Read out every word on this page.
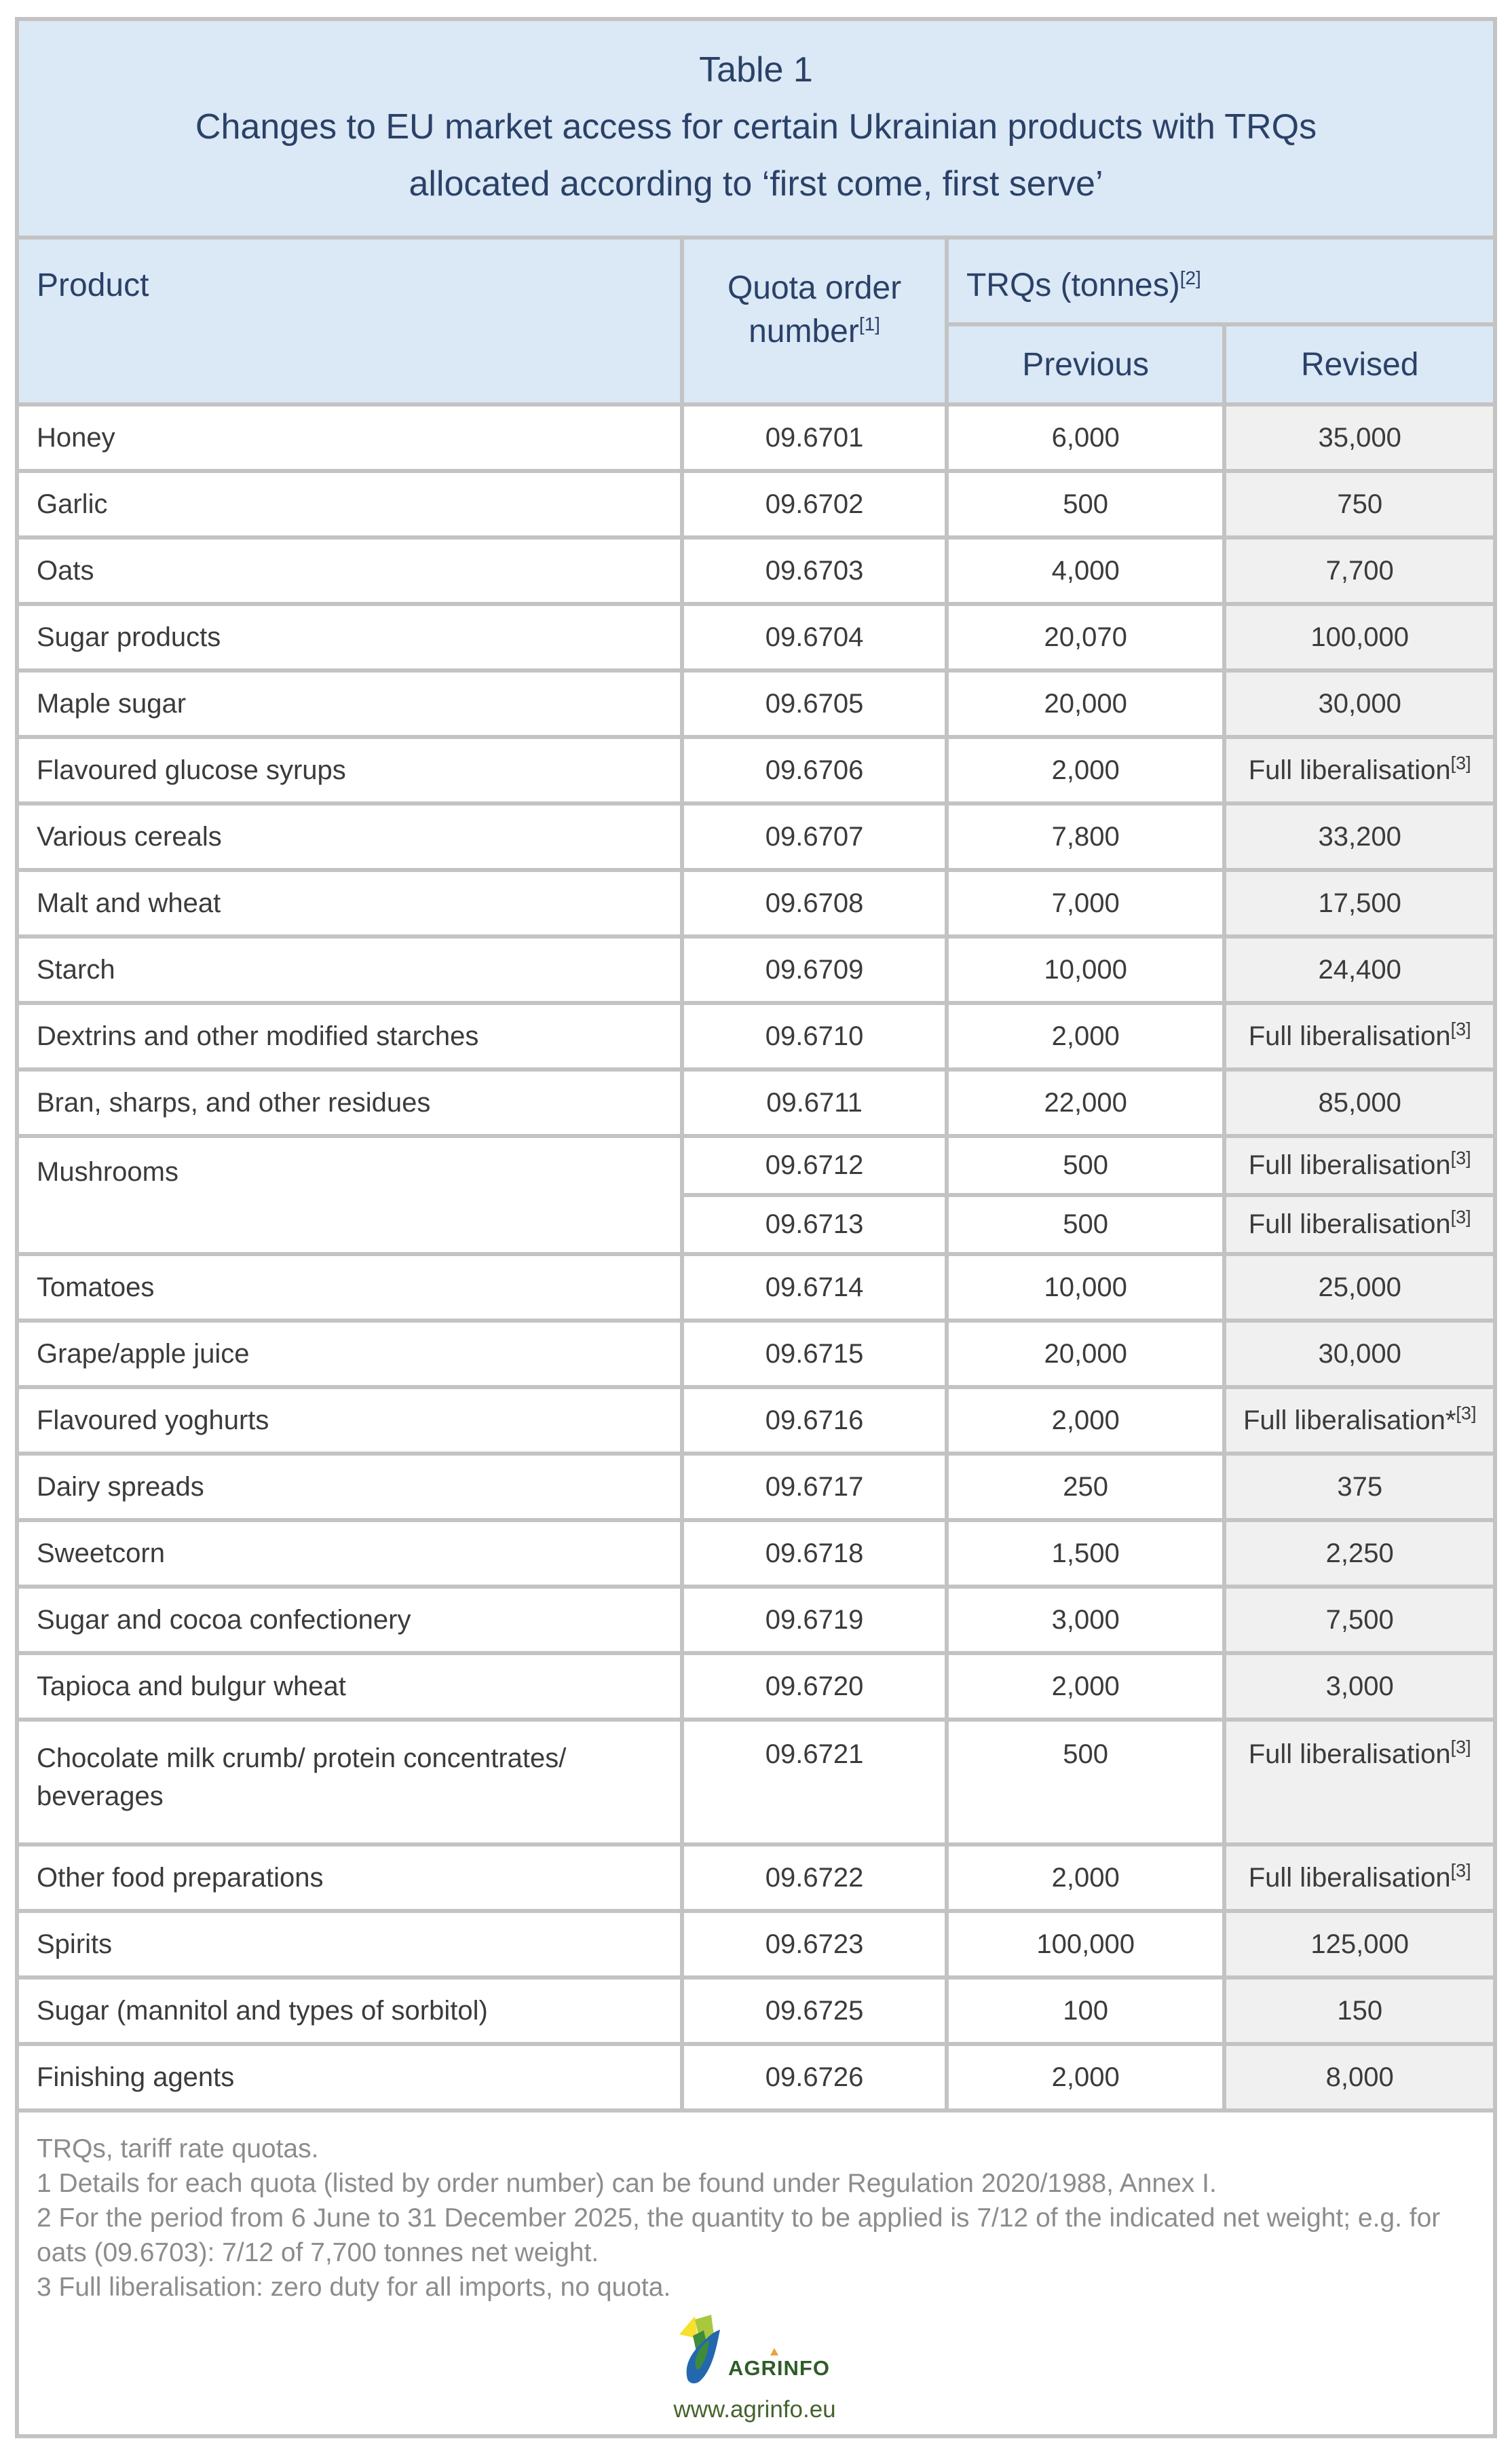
Table 1
Changes to EU market access for certain Ukrainian products with TRQs
allocated according to ‘first come, first serve’			

Product	Quota order number[1]	TRQs (tonnes)[2]
		Previous	Revised
Honey	09.6701	6,000	35,000
Garlic	09.6702	500	750
Oats	09.6703	4,000	7,700
Sugar products	09.6704	20,070	100,000
Maple sugar	09.6705	20,000	30,000
Flavoured glucose syrups	09.6706	2,000	Full liberalisation[3]
Various cereals	09.6707	7,800	33,200
Malt and wheat	09.6708	7,000	17,500
Starch	09.6709	10,000	24,400
Dextrins and other modified starches	09.6710	2,000	Full liberalisation[3]
Bran, sharps, and other residues	09.6711	22,000	85,000
Mushrooms	09.6712	500	Full liberalisation[3]
	09.6713	500	Full liberalisation[3]
Tomatoes	09.6714	10,000	25,000
Grape/apple juice	09.6715	20,000	30,000
Flavoured yoghurts	09.6716	2,000	Full liberalisation*[3]
Dairy spreads	09.6717	250	375
Sweetcorn	09.6718	1,500	2,250
Sugar and cocoa confectionery	09.6719	3,000	7,500
Tapioca and bulgur wheat	09.6720	2,000	3,000
Chocolate milk crumb/ protein concentrates/ beverages	09.6721	500	Full liberalisation[3]
Other food preparations	09.6722	2,000	Full liberalisation[3]
Spirits	09.6723	100,000	125,000
Sugar (mannitol and types of sorbitol)	09.6725	100	150
Finishing agents	09.6726	2,000	8,000

TRQs, tariff rate quotas.

1 Details for each quota (listed by order number) can be found under Regulation 2020/1988, Annex I.

2 For the period from 6 June to 31 December 2025, the quantity to be applied is 7/12 of the indicated net weight; e.g. for oats (09.6703): 7/12 of 7,700 tonnes net weight.

3 Full liberalisation: zero duty for all imports, no quota.

AGRINFO
www.agrinfo.eu
